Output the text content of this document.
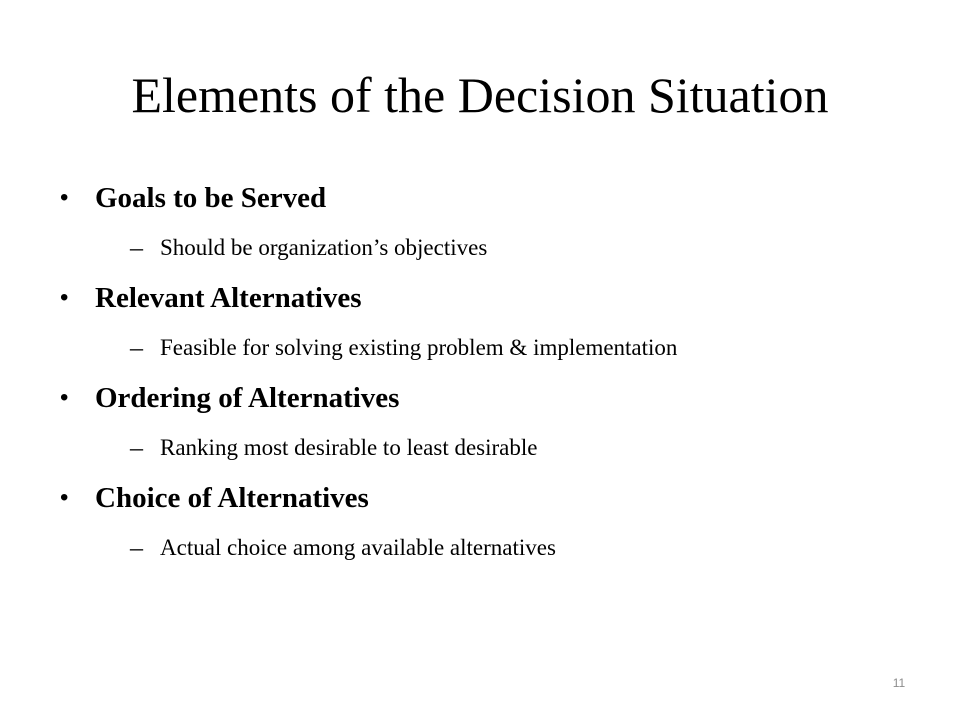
Elements of the Decision Situation
• Goals to be Served
– Should be organization’s objectives
• Relevant Alternatives
– Feasible for solving existing problem & implementation
• Ordering of Alternatives
– Ranking most desirable to least desirable
• Choice of Alternatives
– Actual choice among available alternatives
11
